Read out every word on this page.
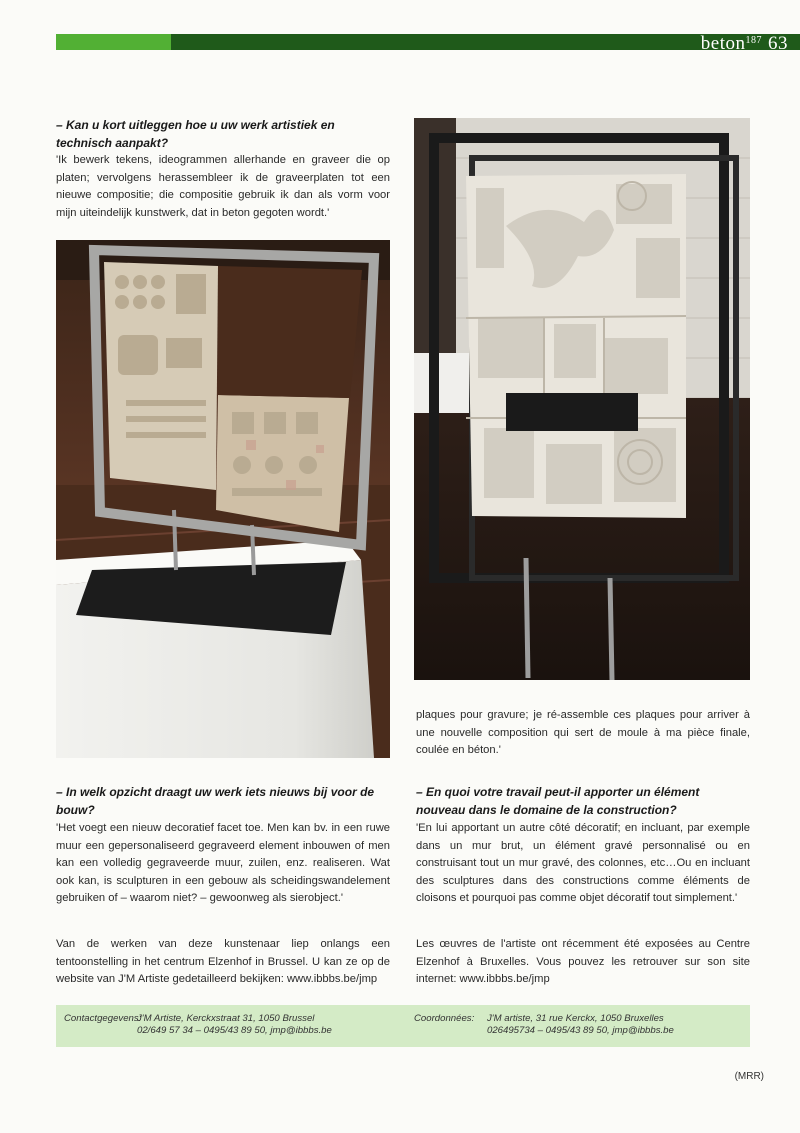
beton$^{187}$ 63
– Kan u kort uitleggen hoe u uw werk artistiek en technisch aanpakt?
'Ik bewerk tekens, ideogrammen allerhande en graveer die op platen; vervolgens herassembleer ik de graveerplaten tot een nieuwe compositie; die compositie gebruik ik dan als vorm voor mijn uiteindelijk kunstwerk, dat in beton gegoten wordt.'
– In welk opzicht draagt uw werk iets nieuws bij voor de bouw?
'Het voegt een nieuw decoratief facet toe. Men kan bv. in een ruwe muur een gepersonaliseerd gegraveerd element inbouwen of men kan een volledig gegraveerde muur, zuilen, enz. realiseren. Wat ook kan, is sculpturen in een gebouw als scheidingswandelement gebruiken of – waarom niet? – gewoonweg als sierobject.'
Van de werken van deze kunstenaar liep onlangs een tentoonstelling in het centrum Elzenhof in Brussel. U kan ze op de website van J'M Artiste gedetailleerd bekijken: www.ibbbs.be/jmp
plaques pour gravure; je ré-assemble ces plaques pour arriver à une nouvelle composition qui sert de moule à ma pièce finale, coulée en béton.'
– En quoi votre travail peut-il apporter un élément nouveau dans le domaine de la construction?
'En lui apportant un autre côté décoratif; en incluant, par exemple dans un mur brut, un élément gravé personnalisé ou en construisant tout un mur gravé, des colonnes, etc…Ou en incluant des sculptures dans des constructions comme éléments de cloisons et pourquoi pas comme objet décoratif tout simplement.'
Les œuvres de l'artiste ont récemment été exposées au Centre Elzenhof à Bruxelles. Vous pouvez les retrouver sur son site internet: www.ibbbs.be/jmp
Contactgegevens:J'M Artiste, Kerckxstraat 31, 1050 Brussel
02/649 57 34 – 0495/43 89 50, jmp@ibbbs.be
Coordonnées: J'M artiste, 31 rue Kerckx, 1050 Bruxelles
026495734 – 0495/43 89 50, jmp@ibbbs.be
(MRR)
